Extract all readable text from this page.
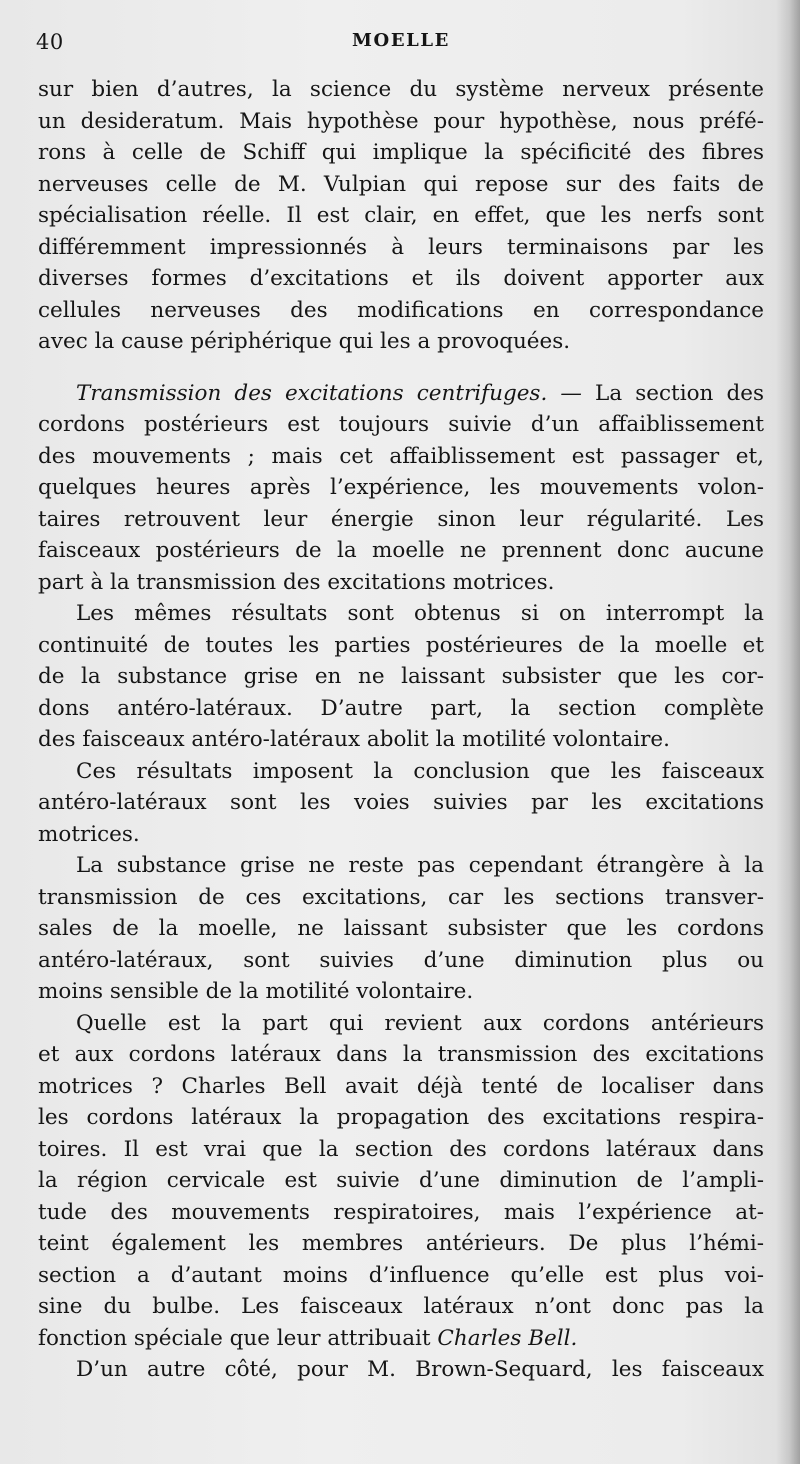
40	MOELLE
sur bien d’autres, la science du système nerveux présente
un desideratum. Mais hypothèse pour hypothèse, nous préfé-
rons à celle de Schiff qui implique la spécificité des fibres
nerveuses celle de M. Vulpian qui repose sur des faits de
spécialisation réelle. Il est clair, en effet, que les nerfs sont
différemment impressionnés à leurs terminaisons par les
diverses formes d’excitations et ils doivent apporter aux
cellules nerveuses des modifications en correspondance
avec la cause périphérique qui les a provoquées.
Transmission des excitations centrifuges. — La section des
cordons postérieurs est toujours suivie d’un affaiblissement
des mouvements ; mais cet affaiblissement est passager et,
quelques heures après l’expérience, les mouvements volon-
taires retrouvent leur énergie sinon leur régularité. Les
faisceaux postérieurs de la moelle ne prennent donc aucune
part à la transmission des excitations motrices.
Les mêmes résultats sont obtenus si on interrompt la
continuité de toutes les parties postérieures de la moelle et
de la substance grise en ne laissant subsister que les cor-
dons antéro-latéraux. D’autre part, la section complète
des faisceaux antéro-latéraux abolit la motilité volontaire.
Ces résultats imposent la conclusion que les faisceaux
antéro-latéraux sont les voies suivies par les excitations
motrices.
La substance grise ne reste pas cependant étrangère à la
transmission de ces excitations, car les sections transver-
sales de la moelle, ne laissant subsister que les cordons
antéro-latéraux, sont suivies d’une diminution plus ou
moins sensible de la motilité volontaire.
Quelle est la part qui revient aux cordons antérieurs
et aux cordons latéraux dans la transmission des excitations
motrices ? Charles Bell avait déjà tenté de localiser dans
les cordons latéraux la propagation des excitations respira-
toires. Il est vrai que la section des cordons latéraux dans
la région cervicale est suivie d’une diminution de l’ampli-
tude des mouvements respiratoires, mais l’expérience at-
teint également les membres antérieurs. De plus l’hémi-
section a d’autant moins d’influence qu’elle est plus voi-
sine du bulbe. Les faisceaux latéraux n’ont donc pas la
fonction spéciale que leur attribuait Charles Bell.
D’un autre côté, pour M. Brown-Sequard, les faisceaux
